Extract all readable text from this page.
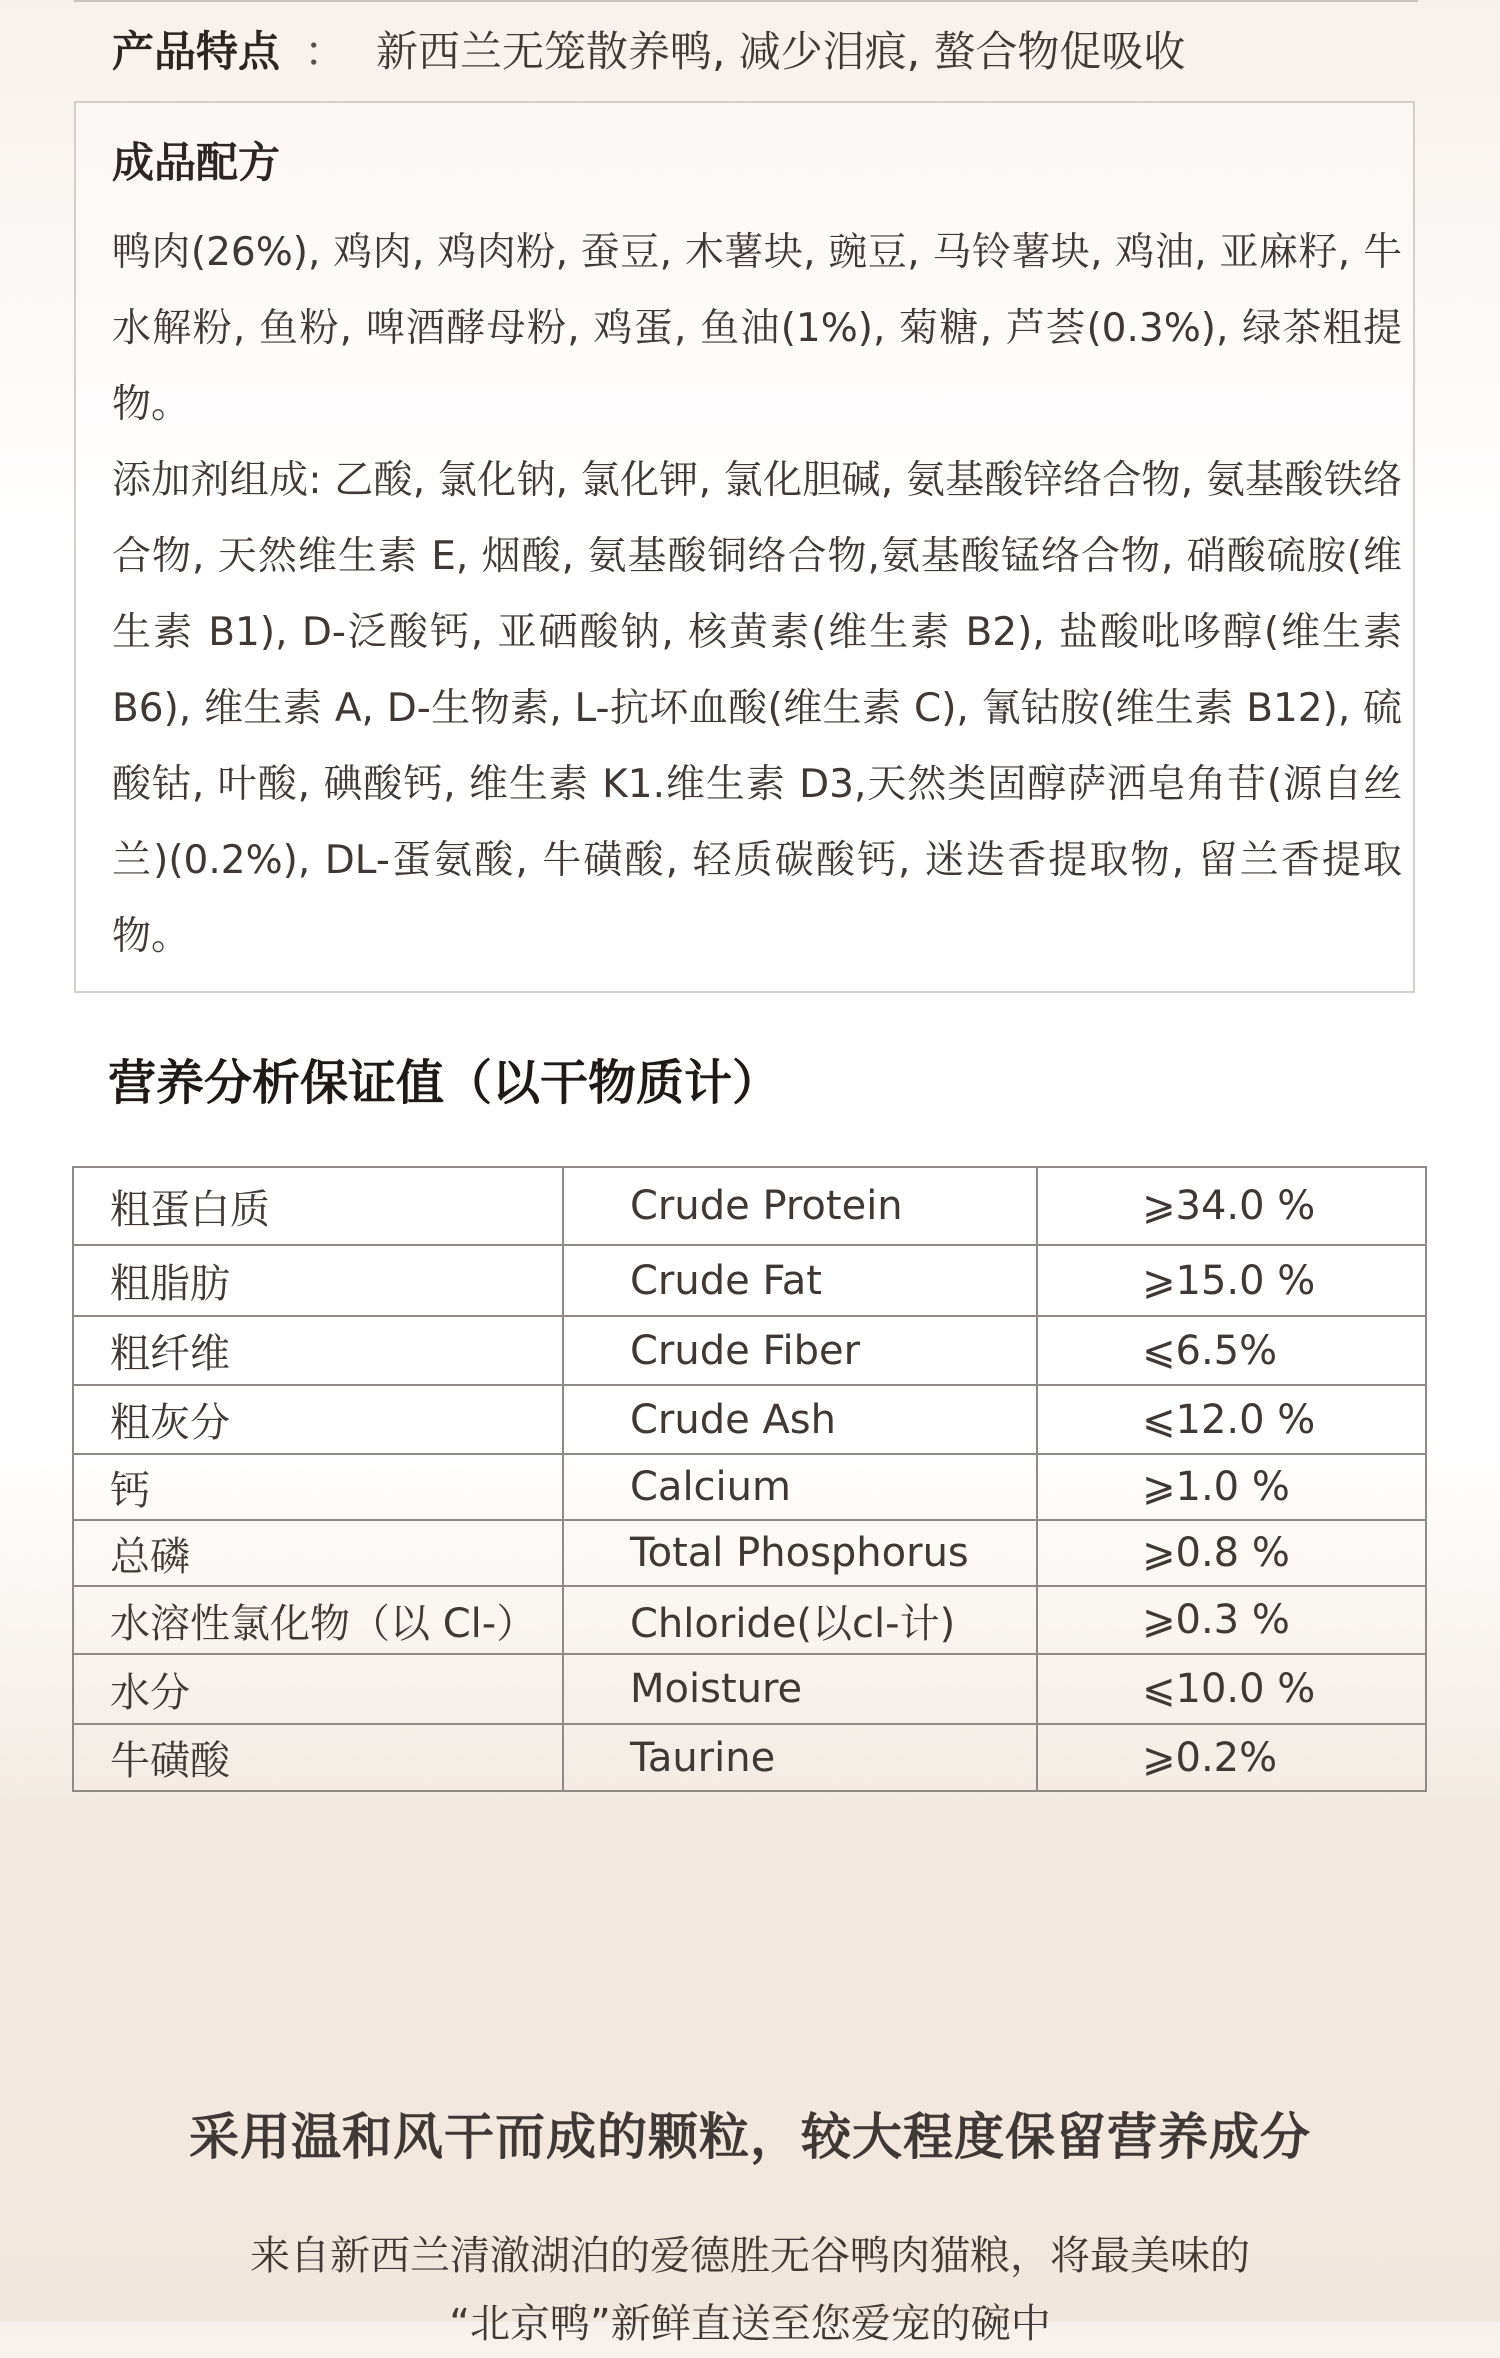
产品特点 ： 新西兰无笼散养鸭, 减少泪痕, 螯合物促吸收
成品配方

鸭肉(26%), 鸡肉, 鸡肉粉, 蚕豆, 木薯块, 豌豆, 马铃薯块, 鸡油, 亚麻籽, 牛水解粉, 鱼粉, 啤酒酵母粉, 鸡蛋, 鱼油(1%), 菊糖, 芦荟(0.3%), 绿茶粗提物。

添加剂组成: 乙酸, 氯化钠, 氯化钾, 氯化胆碱, 氨基酸锌络合物, 氨基酸铁络合物, 天然维生素 E, 烟酸, 氨基酸铜络合物,氨基酸锰络合物, 硝酸硫胺(维生素 B1), D-泛酸钙, 亚硒酸钠, 核黄素(维生素 B2), 盐酸吡哆醇(维生素 B6), 维生素 A, D-生物素, L-抗坏血酸(维生素 C), 氰钴胺(维生素 B12), 硫酸钴, 叶酸, 碘酸钙, 维生素 K1.维生素 D3,天然类固醇萨洒皂角苷(源自丝兰)(0.2%), DL-蛋氨酸, 牛磺酸, 轻质碳酸钙, 迷迭香提取物, 留兰香提取物。

营养分析保证值（以干物质计）
粗蛋白质	Crude Protein	⩾34.0 %
粗脂肪	Crude Fat	⩾15.0 %
粗纤维	Crude Fiber	⩽6.5%
粗灰分	Crude Ash	⩽12.0 %
钙	Calcium	⩾1.0 %
总磷	Total Phosphorus	⩾0.8 %
水溶性氯化物（以 Cl-）	Chloride(以cl-计)	⩾0.3 %
水分	Moisture	⩽10.0 %
牛磺酸	Taurine	⩾0.2%
采用温和风干而成的颗粒，较大程度保留营养成分
来自新西兰清澈湖泊的爱德胜无谷鸭肉猫粮，将最美味的
“北京鸭”新鲜直送至您爱宠的碗中
